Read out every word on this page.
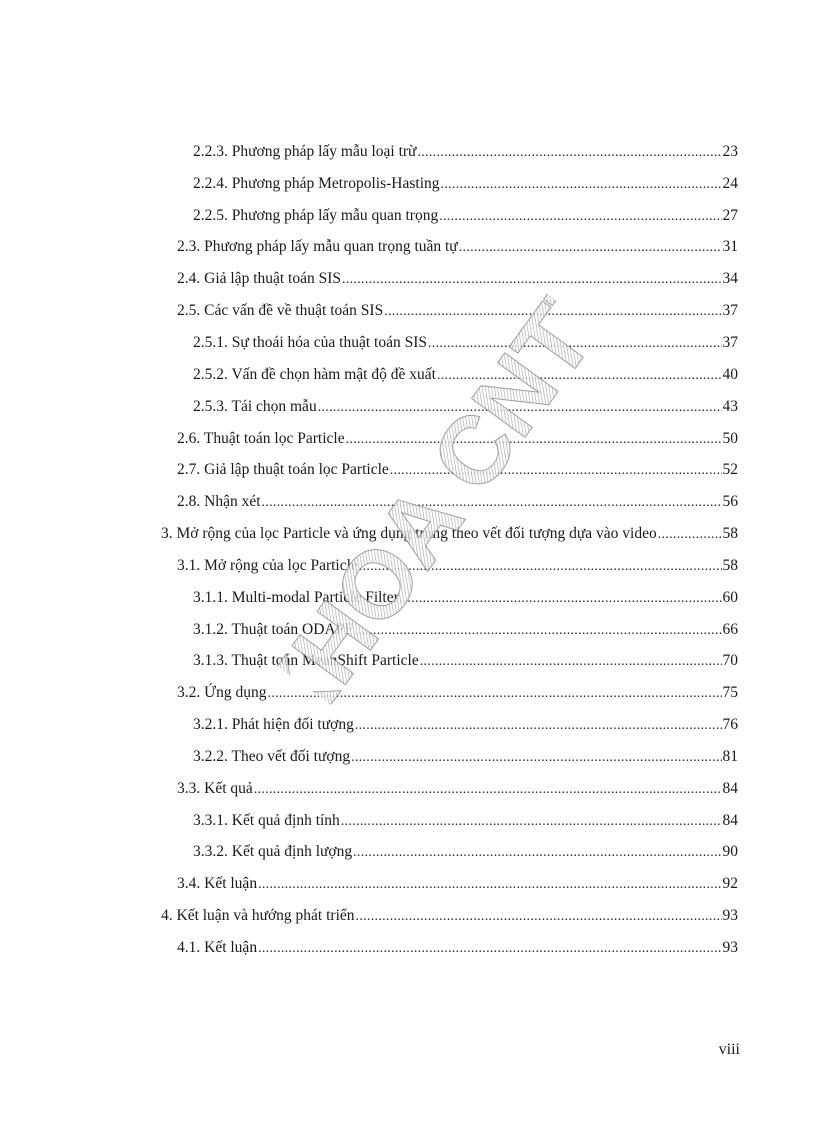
2.2.3. Phương pháp lấy mẫu loại trừ . . .	23
2.2.4. Phương pháp Metropolis-Hasting . . .	24
2.2.5. Phương pháp lấy mẫu quan trọng . . .	27
2.3. Phương pháp lấy mẫu quan trọng tuần tự . . .	31
2.4. Giả lập thuật toán SIS . . .	34
2.5. Các vấn đề về thuật toán SIS . . .	37
2.5.1. Sự thoái hóa của thuật toán SIS . . .	37
2.5.2. Vấn đề chọn hàm mật độ đề xuất . . .	40
2.5.3. Tái chọn mẫu . . .	43
2.6. Thuật toán lọc Particle . . .	50
2.7. Giả lập thuật toán lọc Particle . . .	52
2.8. Nhận xét . . .	56
3. Mở rộng của lọc Particle và ứng dụng trong theo vết đối tượng dựa vào video . . .	58
3.1. Mở rộng của lọc Particle . . .	58
3.1.1. Multi-modal Particle Filter . . .	60
3.1.2. Thuật toán ODAPF . . .	66
3.1.3. Thuật toán MeanShift Particle . . .	70
3.2. Ứng dụng . . .	75
3.2.1. Phát hiện đối tượng . . .	76
3.2.2. Theo vết đối tượng . . .	81
3.3. Kết quả . . .	84
3.3.1. Kết quả định tính . . .	84
3.3.2. Kết quả định lượng . . .	90
3.4. Kết luận . . .	92
4. Kết luận và hướng phát triển . . .	93
4.1. Kết luận . . .	93
KHOA CNTT
viii
